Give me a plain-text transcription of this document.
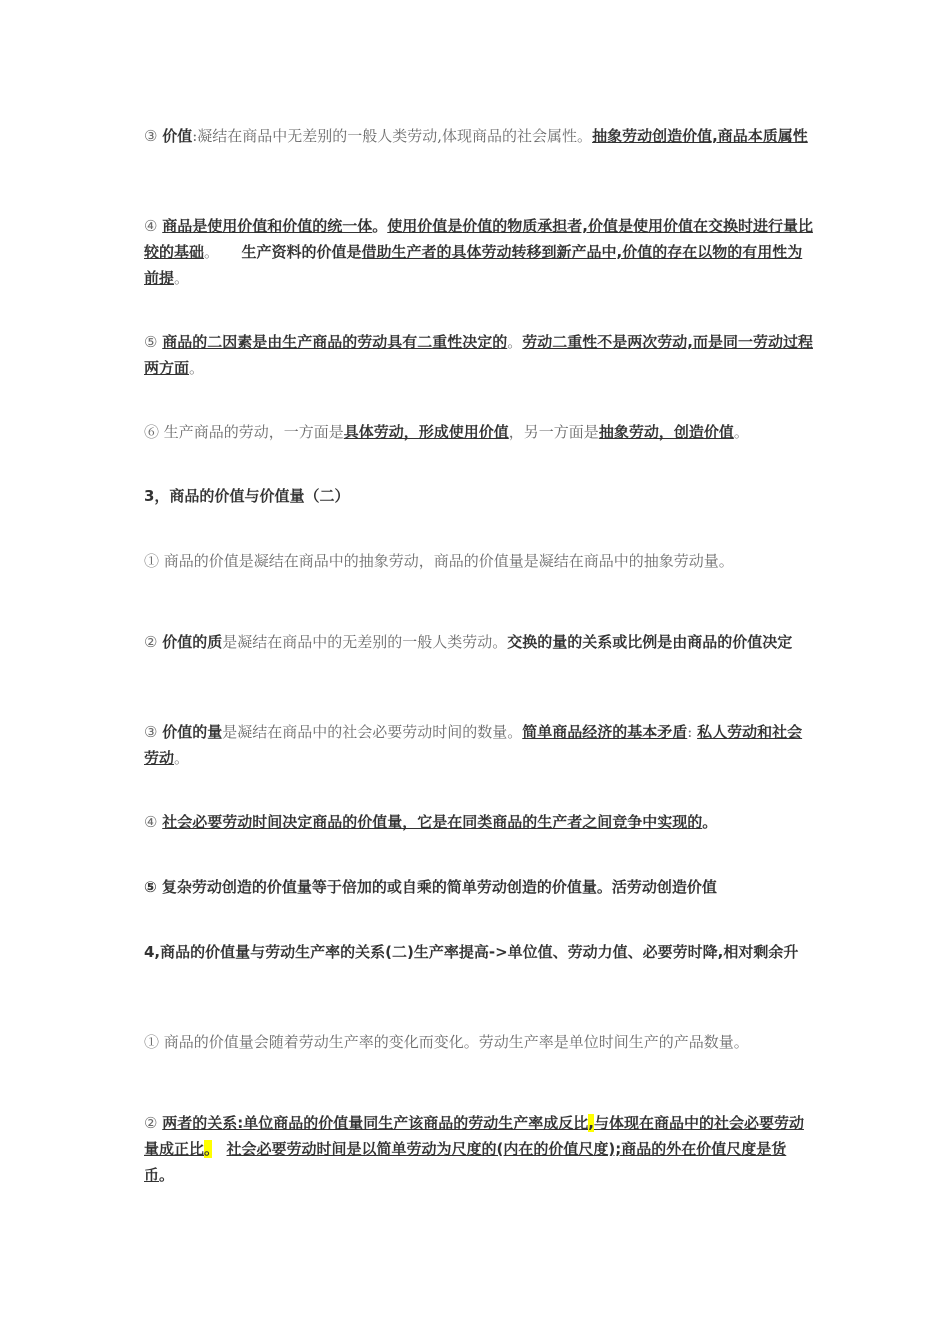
③ 价值:凝结在商品中无差别的一般人类劳动,体现商品的社会属性。抽象劳动创造价值,商品本质属性

④ 商品是使用价值和价值的统一体。使用价值是价值的物质承担者,价值是使用价值在交换时进行量比较的基础。　　生产资料的价值是借助生产者的具体劳动转移到新产品中,价值的存在以物的有用性为前提。

⑤ 商品的二因素是由生产商品的劳动具有二重性决定的。劳动二重性不是两次劳动,而是同一劳动过程两方面。

⑥ 生产商品的劳动，一方面是具体劳动，形成使用价值，另一方面是抽象劳动，创造价值。

3，商品的价值与价值量（二）

① 商品的价值是凝结在商品中的抽象劳动，商品的价值量是凝结在商品中的抽象劳动量。

② 价值的质是凝结在商品中的无差别的一般人类劳动。交换的量的关系或比例是由商品的价值决定

③ 价值的量是凝结在商品中的社会必要劳动时间的数量。简单商品经济的基本矛盾: 私人劳动和社会劳动。

④ 社会必要劳动时间决定商品的价值量，它是在同类商品的生产者之间竞争中实现的。

⑤ 复杂劳动创造的价值量等于倍加的或自乘的简单劳动创造的价值量。活劳动创造价值

4,商品的价值量与劳动生产率的关系(二)生产率提高->单位值、劳动力值、必要劳时降,相对剩余升

① 商品的价值量会随着劳动生产率的变化而变化。劳动生产率是单位时间生产的产品数量。

② 两者的关系:单位商品的价值量同生产该商品的劳动生产率成反比,与体现在商品中的社会必要劳动量成正比。　 社会必要劳动时间是以简单劳动为尺度的(内在的价值尺度);商品的外在价值尺度是货币。
